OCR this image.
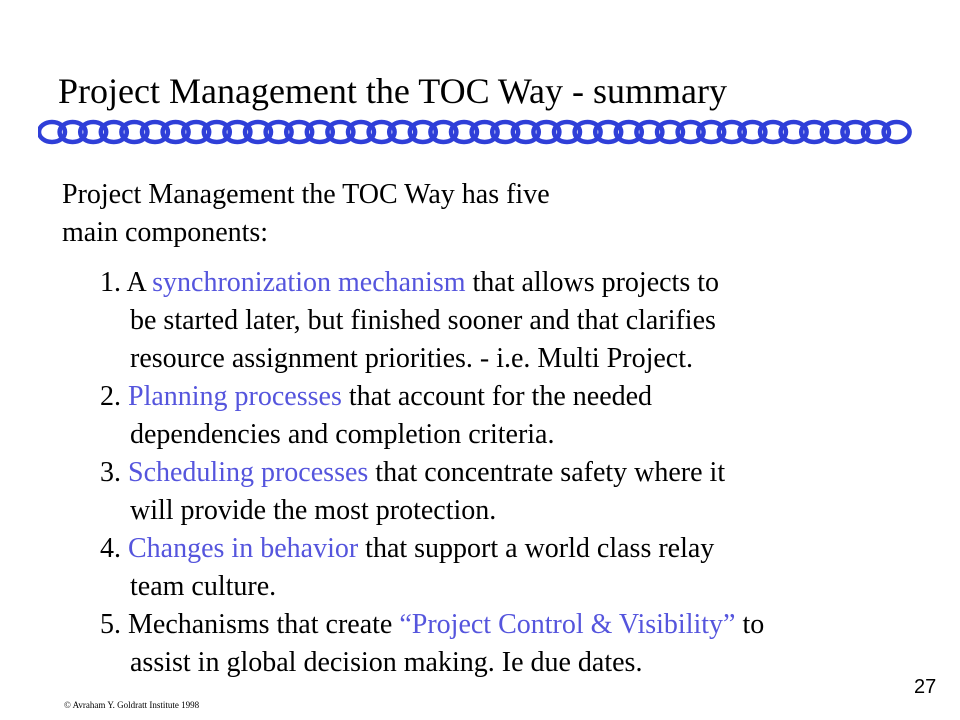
Project Management the TOC Way - summary

Project Management the TOC Way has five
main components:

1. A synchronization mechanism that allows projects to
be started later, but finished sooner and that clarifies
resource assignment priorities. - i.e. Multi Project.
2. Planning processes that account for the needed
dependencies and completion criteria.
3. Scheduling processes that concentrate safety where it
will provide the most protection.
4. Changes in behavior that support a world class relay
team culture.
5. Mechanisms that create “Project Control & Visibility” to
assist in global decision making. Ie due dates.
© Avraham Y. Goldratt Institute 1998
27
